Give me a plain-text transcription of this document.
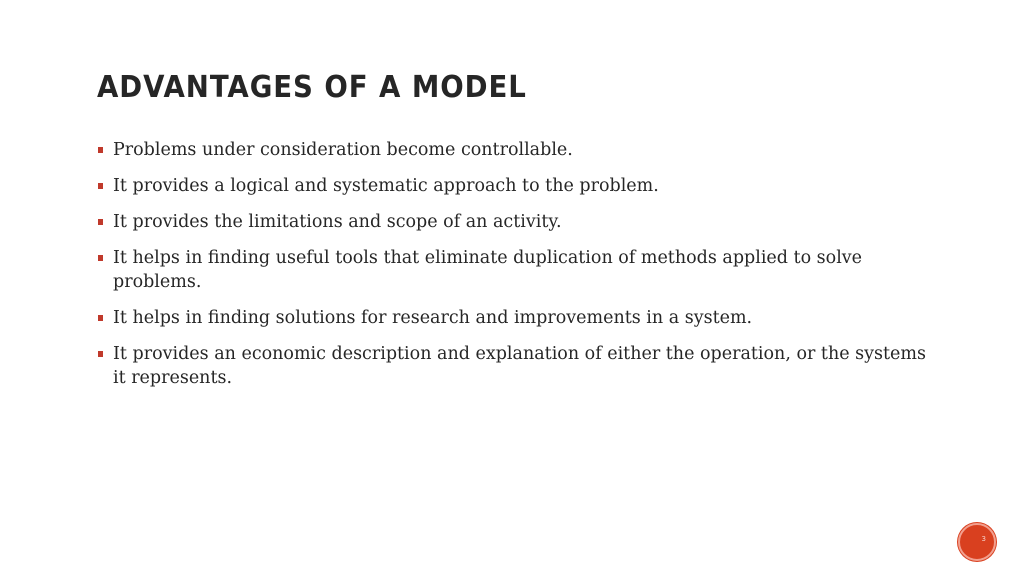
ADVANTAGES OF A MODEL
Problems under consideration become controllable.
It provides a logical and systematic approach to the problem.
It provides the limitations and scope of an activity.
It helps in finding useful tools that eliminate duplication of methods applied to solve problems.
It helps in finding solutions for research and improvements in a system.
It provides an economic description and explanation of either the operation, or the systems it represents.
3
